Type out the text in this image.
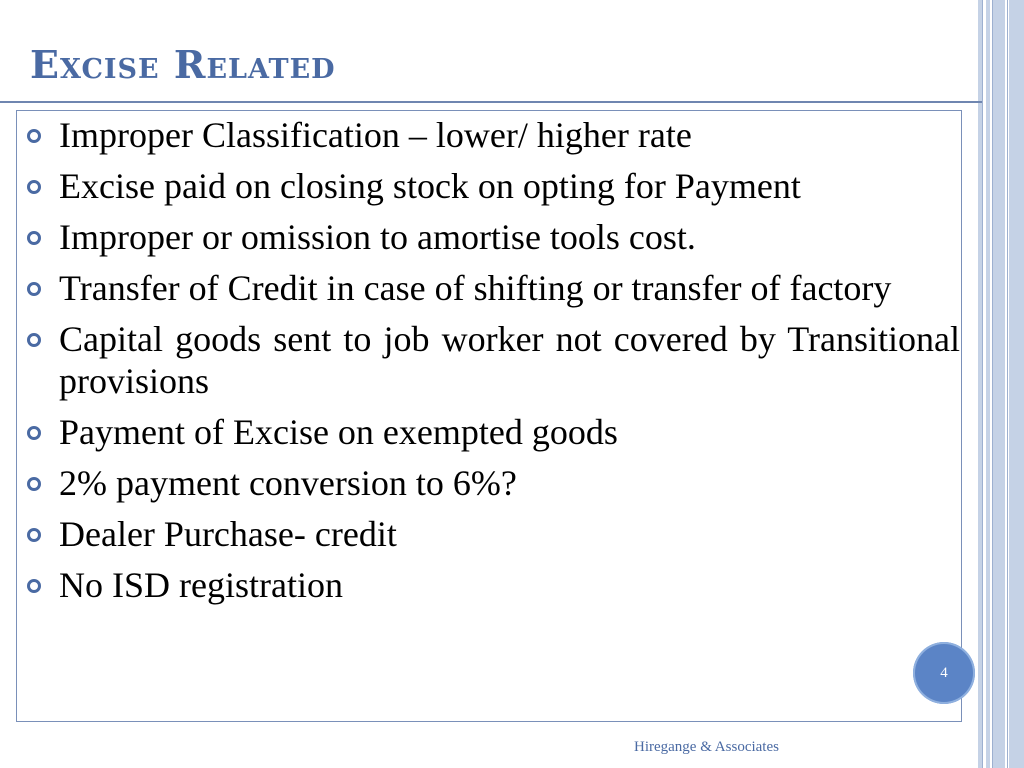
Excise Related
Improper Classification – lower/ higher rate
Excise paid on closing stock on opting for Payment
Improper or omission to amortise tools cost.
Transfer of Credit in case of shifting or transfer of factory
Capital goods sent to job worker not covered by Transitional provisions
Payment of Excise on exempted goods
2% payment conversion to 6%?
Dealer Purchase- credit
No ISD registration
4
Hiregange & Associates
